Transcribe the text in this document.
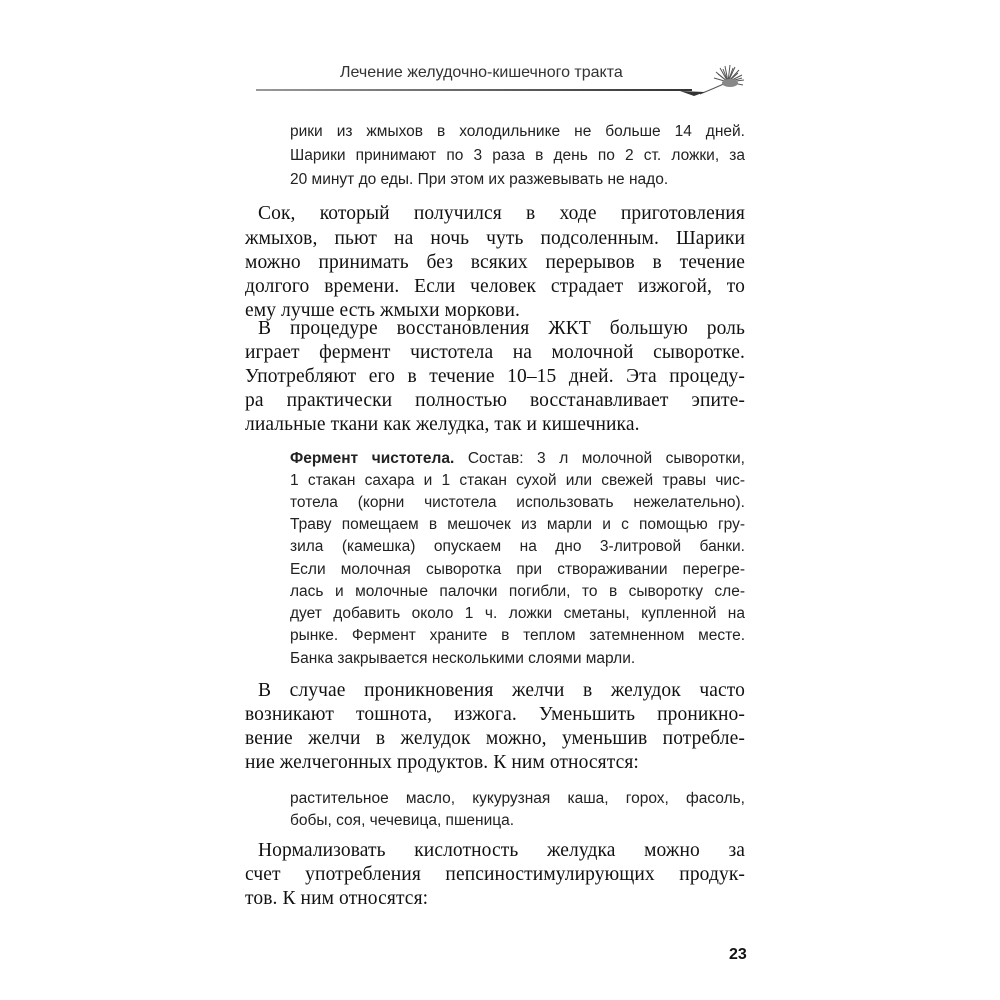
Лечение желудочно-кишечного тракта
рики из жмыхов в холодильнике не больше 14 дней.
Шарики принимают по 3 раза в день по 2 ст. ложки, за
20 минут до еды. При этом их разжевывать не надо.
Сок, который получился в ходе приготовления
жмыхов, пьют на ночь чуть подсоленным. Шарики
можно принимать без всяких перерывов в течение
долгого времени. Если человек страдает изжогой, то
ему лучше есть жмыхи моркови.
В процедуре восстановления ЖКТ большую роль
играет фермент чистотела на молочной сыворотке.
Употребляют его в течение 10–15 дней. Эта процеду-
ра практически полностью восстанавливает эпите-
лиальные ткани как желудка, так и кишечника.
Фермент чистотела. Состав: 3 л молочной сыворотки,
1 стакан сахара и 1 стакан сухой или свежей травы чис-
тотела (корни чистотела использовать нежелательно).
Траву помещаем в мешочек из марли и с помощью гру-
зила (камешка) опускаем на дно 3-литровой банки.
Если молочная сыворотка при створаживании перегре-
лась и молочные палочки погибли, то в сыворотку сле-
дует добавить около 1 ч. ложки сметаны, купленной на
рынке. Фермент храните в теплом затемненном месте.
Банка закрывается несколькими слоями марли.
В случае проникновения желчи в желудок часто
возникают тошнота, изжога. Уменьшить проникно-
вение желчи в желудок можно, уменьшив потребле-
ние желчегонных продуктов. К ним относятся:
растительное масло, кукурузная каша, горох, фасоль,
бобы, соя, чечевица, пшеница.
Нормализовать кислотность желудка можно за
счет употребления пепсиностимулирующих продук-
тов. К ним относятся:
23
